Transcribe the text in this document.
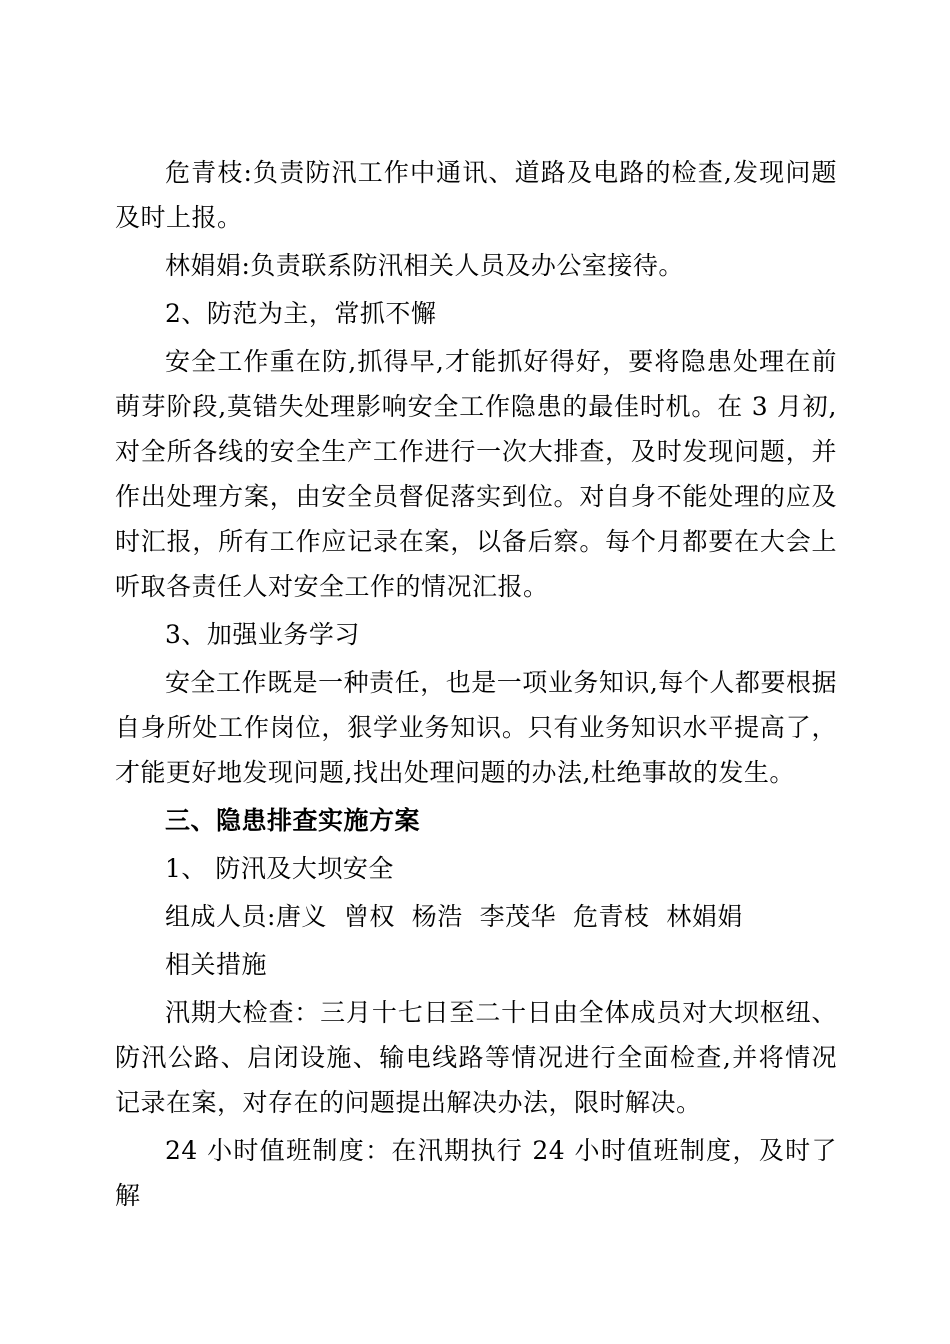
危青枝:负责防汛工作中通讯、道路及电路的检查,发现问题及时上报。

林娟娟:负责联系防汛相关人员及办公室接待。

2、防范为主，常抓不懈

安全工作重在防,抓得早,才能抓好得好，要将隐患处理在前萌芽阶段,莫错失处理影响安全工作隐患的最佳时机。在 3 月初,对全所各线的安全生产工作进行一次大排查，及时发现问题，并作出处理方案，由安全员督促落实到位。对自身不能处理的应及时汇报，所有工作应记录在案，以备后察。每个月都要在大会上听取各责任人对安全工作的情况汇报。

3、加强业务学习

安全工作既是一种责任，也是一项业务知识,每个人都要根据自身所处工作岗位，狠学业务知识。只有业务知识水平提高了，才能更好地发现问题,找出处理问题的办法,杜绝事故的发生。

三、隐患排查实施方案

1、 防汛及大坝安全

组成人员:唐义  曾权  杨浩  李茂华  危青枝  林娟娟

相关措施

汛期大检查：三月十七日至二十日由全体成员对大坝枢纽、防汛公路、启闭设施、输电线路等情况进行全面检查,并将情况记录在案，对存在的问题提出解决办法，限时解决。

24 小时值班制度：在汛期执行 24 小时值班制度，及时了解
